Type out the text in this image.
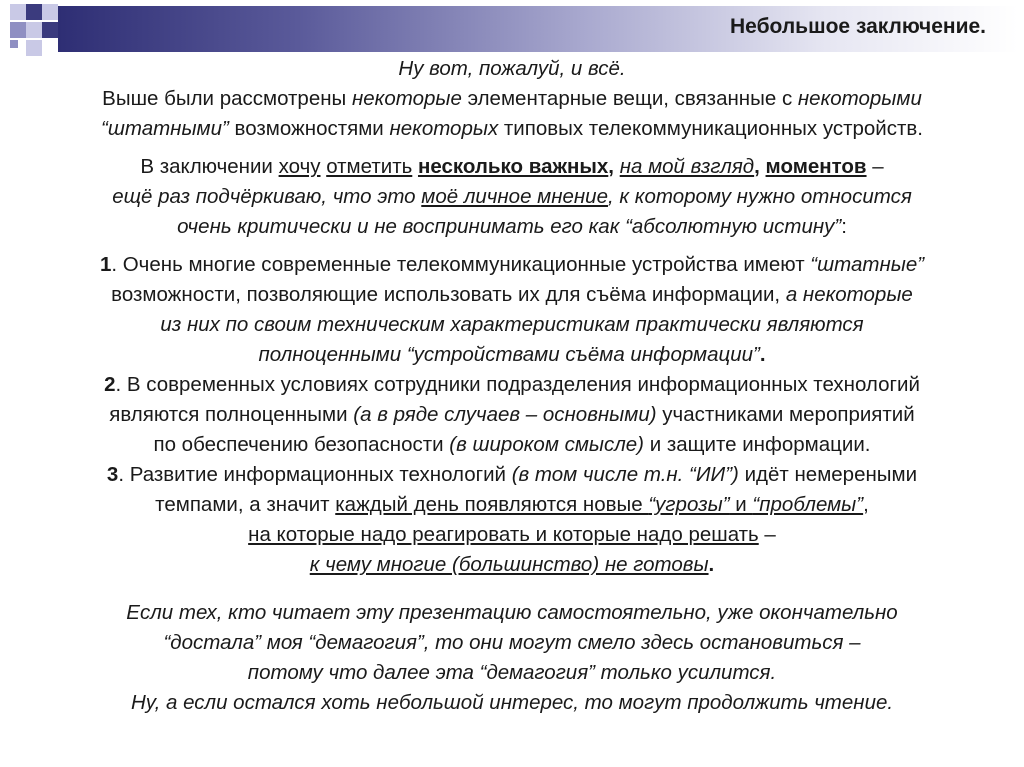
Небольшое заключение.

Ну вот, пожалуй, и всё.

Выше были рассмотрены некоторые элементарные вещи, связанные с некоторыми

“штатными” возможностями некоторых типовых телекоммуникационных устройств.

В заключении хочу отметить несколько важных, на мой взгляд, моментов –

ещё раз подчёркиваю, что это моё личное мнение, к которому нужно относится

очень критически и не воспринимать его как “абсолютную истину”:

1. Очень многие современные телекоммуникационные устройства имеют “штатные”

возможности, позволяющие использовать их для съёма информации, а некоторые

из них по своим техническим характеристикам практически являются

полноценными “устройствами съёма информации”.

2. В современных условиях сотрудники подразделения информационных технологий

являются полноценными (а в ряде случаев – основными) участниками мероприятий

по обеспечению безопасности (в широком смысле) и защите информации.

3. Развитие информационных технологий (в том числе т.н. “ИИ”) идёт немереными

темпами, а значит каждый день появляются новые “угрозы” и “проблемы”,

на которые надо реагировать и которые надо решать –

к чему многие (большинство) не готовы.

Если тех, кто читает эту презентацию самостоятельно, уже окончательно

“достала” моя “демагогия”, то они могут смело здесь остановиться –

потому что далее эта “демагогия” только усилится.

Ну, а если остался хоть небольшой интерес, то могут продолжить чтение.
